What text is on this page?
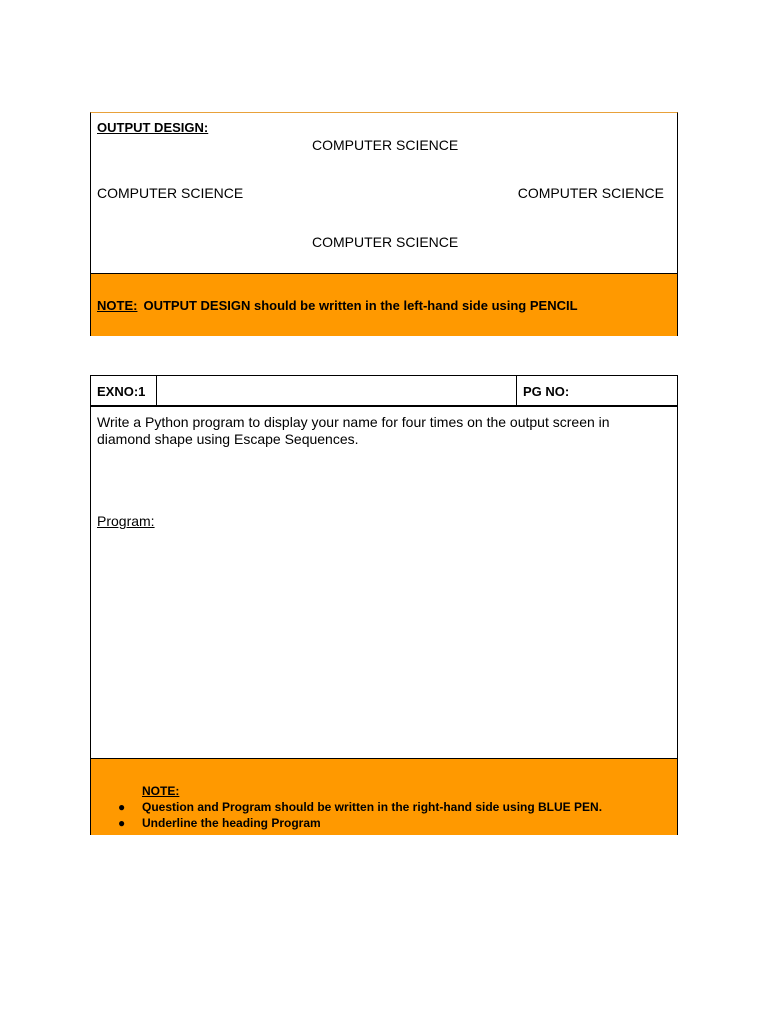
OUTPUT DESIGN:
COMPUTER SCIENCE
COMPUTER SCIENCE	COMPUTER SCIENCE
COMPUTER SCIENCE
NOTE: OUTPUT DESIGN should be written in the left-hand side using PENCIL
EXNO:1	PG NO:
Write a Python program to display your name for four times on the output screen in diamond shape using Escape Sequences.
Program:
NOTE:
● Question and Program should be written in the right-hand side using BLUE PEN.
● Underline the heading Program
